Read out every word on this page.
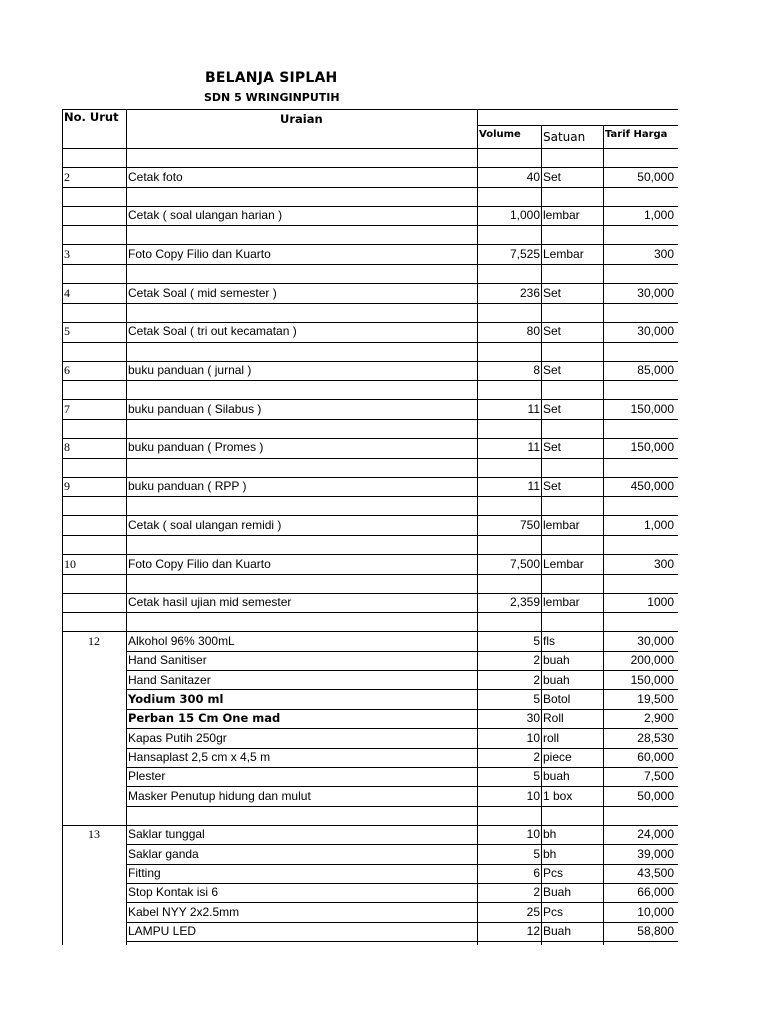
BELANJA SIPLAH
SDN 5 WRINGINPUTIH
No. Urut	Uraian
Volume Satuan Tarif Harga
2	Cetak foto	40 Set	50,000
Cetak ( soal ulangan harian )	1,000 lembar	1,000
3	Foto Copy Filio dan Kuarto	7,525 Lembar	300
4	Cetak Soal ( mid semester )	236 Set	30,000
5	Cetak Soal ( tri out kecamatan )	80 Set	30,000
6	buku panduan ( jurnal )	8 Set	85,000
7	buku panduan ( Silabus )	11 Set	150,000
8	buku panduan ( Promes )	11 Set	150,000
9	buku panduan ( RPP )	11 Set	450,000
Cetak ( soal ulangan remidi )	750 lembar	1,000
10	Foto Copy Filio dan Kuarto	7,500 Lembar	300
Cetak hasil ujian mid semester	2,359 lembar	1000
12 Alkohol 96% 300mL	5 fls	30,000
Hand Sanitiser	2 buah	200,000
Hand Sanitazer	2 buah	150,000
Yodium 300 ml	5 Botol	19,500
Perban 15 Cm One mad	30 Roll	2,900
Kapas Putih 250gr	10 roll	28,530
Hansaplast 2,5 cm x 4,5 m	2 piece	60,000
Plester	5 buah	7,500
Masker Penutup hidung dan mulut	10 1 box	50,000
13 Saklar tunggal	10 bh	24,000
Saklar ganda	5 bh	39,000
Fitting	6 Pcs	43,500
Stop Kontak isi 6	2 Buah	66,000
Kabel NYY 2x2.5mm	25 Pcs	10,000
LAMPU LED	12 Buah	58,800
